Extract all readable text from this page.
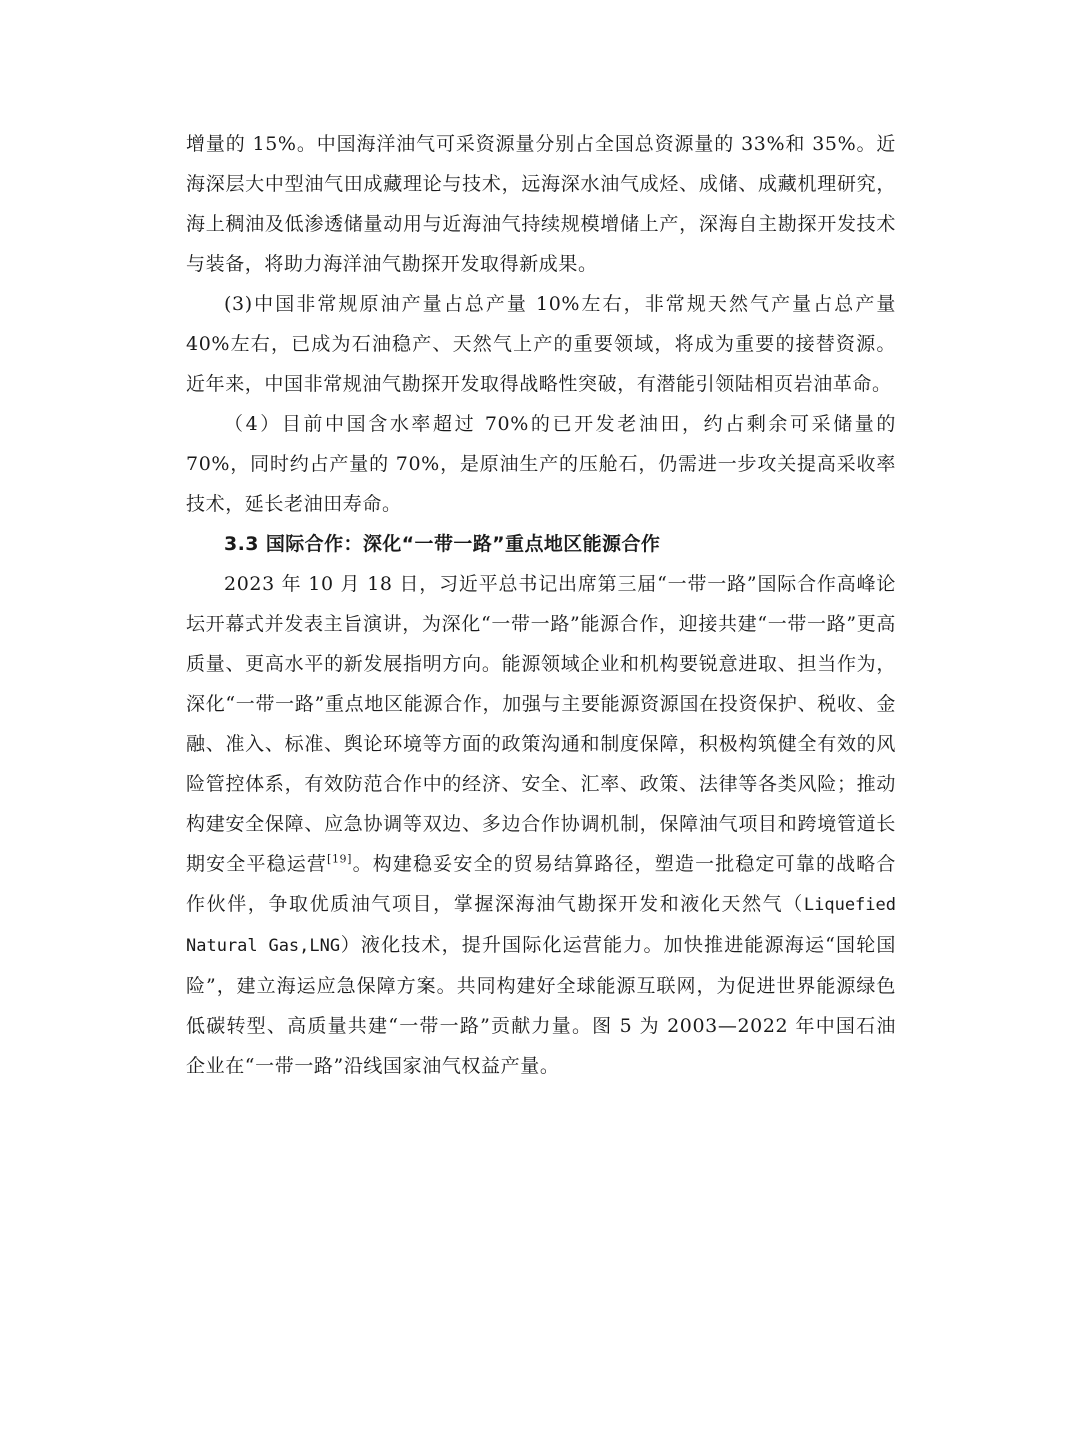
增量的 15%。中国海洋油气可采资源量分别占全国总资源量的 33%和 35%。近海深层大中型油气田成藏理论与技术，远海深水油气成烃、成储、成藏机理研究，海上稠油及低渗透储量动用与近海油气持续规模增储上产，深海自主勘探开发技术与装备，将助力海洋油气勘探开发取得新成果。

(3)中国非常规原油产量占总产量 10%左右，非常规天然气产量占总产量 40%左右，已成为石油稳产、天然气上产的重要领域，将成为重要的接替资源。近年来，中国非常规油气勘探开发取得战略性突破，有潜能引领陆相页岩油革命。

（4）目前中国含水率超过 70%的已开发老油田，约占剩余可采储量的 70%，同时约占产量的 70%，是原油生产的压舱石，仍需进一步攻关提高采收率技术，延长老油田寿命。

3.3 国际合作：深化“一带一路”重点地区能源合作

2023 年 10 月 18 日，习近平总书记出席第三届“一带一路”国际合作高峰论坛开幕式并发表主旨演讲，为深化“一带一路”能源合作，迎接共建“一带一路”更高质量、更高水平的新发展指明方向。能源领域企业和机构要锐意进取、担当作为，深化“一带一路”重点地区能源合作，加强与主要能源资源国在投资保护、税收、金融、准入、标准、舆论环境等方面的政策沟通和制度保障，积极构筑健全有效的风险管控体系，有效防范合作中的经济、安全、汇率、政策、法律等各类风险；推动构建安全保障、应急协调等双边、多边合作协调机制，保障油气项目和跨境管道长期安全平稳运营[19]。构建稳妥安全的贸易结算路径，塑造一批稳定可靠的战略合作伙伴，争取优质油气项目，掌握深海油气勘探开发和液化天然气（Liquefied Natural Gas,LNG）液化技术，提升国际化运营能力。加快推进能源海运“国轮国险”，建立海运应急保障方案。共同构建好全球能源互联网，为促进世界能源绿色低碳转型、高质量共建“一带一路”贡献力量。图 5 为 2003—2022 年中国石油企业在“一带一路”沿线国家油气权益产量。
